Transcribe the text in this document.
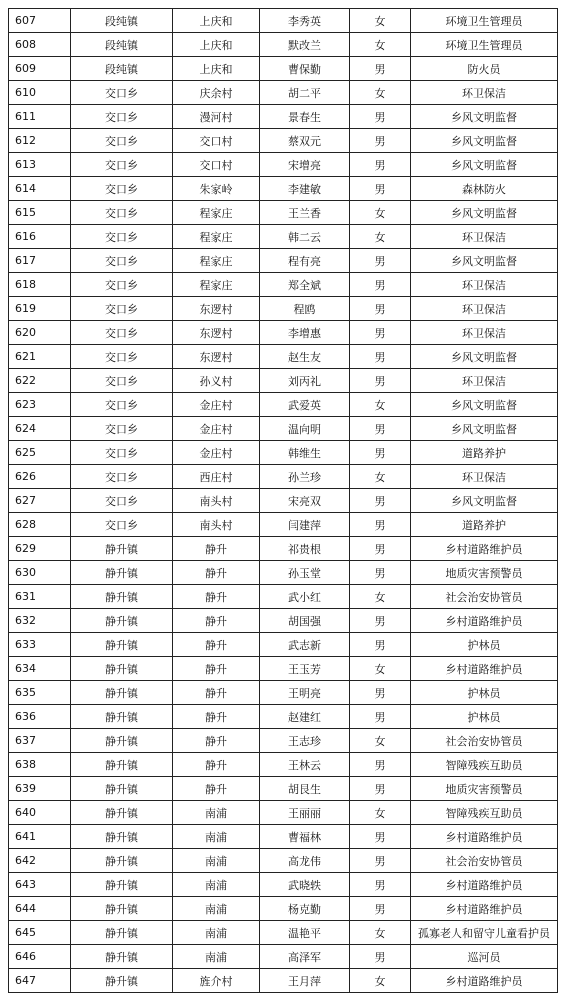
607	段纯镇	上庆和	李秀英	女	环境卫生管理员
608	段纯镇	上庆和	默改兰	女	环境卫生管理员
609	段纯镇	上庆和	曹保勤	男	防火员
610	交口乡	庆余村	胡二平	女	环卫保洁
611	交口乡	漫河村	景春生	男	乡风文明监督
612	交口乡	交口村	蔡双元	男	乡风文明监督
613	交口乡	交口村	宋增亮	男	乡风文明监督
614	交口乡	朱家岭	李建敏	男	森林防火
615	交口乡	程家庄	王兰香	女	乡风文明监督
616	交口乡	程家庄	韩二云	女	环卫保洁
617	交口乡	程家庄	程有亮	男	乡风文明监督
618	交口乡	程家庄	郑全斌	男	环卫保洁
619	交口乡	东逻村	程鸥	男	环卫保洁
620	交口乡	东逻村	李增惠	男	环卫保洁
621	交口乡	东逻村	赵生友	男	乡风文明监督
622	交口乡	孙义村	刘丙礼	男	环卫保洁
623	交口乡	金庄村	武爱英	女	乡风文明监督
624	交口乡	金庄村	温向明	男	乡风文明监督
625	交口乡	金庄村	韩维生	男	道路养护
626	交口乡	西庄村	孙兰珍	女	环卫保洁
627	交口乡	南头村	宋亮双	男	乡风文明监督
628	交口乡	南头村	闫建萍	男	道路养护
629	静升镇	静升	祁贵根	男	乡村道路维护员
630	静升镇	静升	孙玉堂	男	地质灾害预警员
631	静升镇	静升	武小红	女	社会治安协管员
632	静升镇	静升	胡国强	男	乡村道路维护员
633	静升镇	静升	武志新	男	护林员
634	静升镇	静升	王玉芳	女	乡村道路维护员
635	静升镇	静升	王明亮	男	护林员
636	静升镇	静升	赵建红	男	护林员
637	静升镇	静升	王志珍	女	社会治安协管员
638	静升镇	静升	王林云	男	智障残疾互助员
639	静升镇	静升	胡艮生	男	地质灾害预警员
640	静升镇	南浦	王丽丽	女	智障残疾互助员
641	静升镇	南浦	曹福林	男	乡村道路维护员
642	静升镇	南浦	高龙伟	男	社会治安协管员
643	静升镇	南浦	武晓轶	男	乡村道路维护员
644	静升镇	南浦	杨克勤	男	乡村道路维护员
645	静升镇	南浦	温艳平	女	孤寡老人和留守儿童看护员
646	静升镇	南浦	高泽军	男	巡河员
647	静升镇	旌介村	王月萍	女	乡村道路维护员
